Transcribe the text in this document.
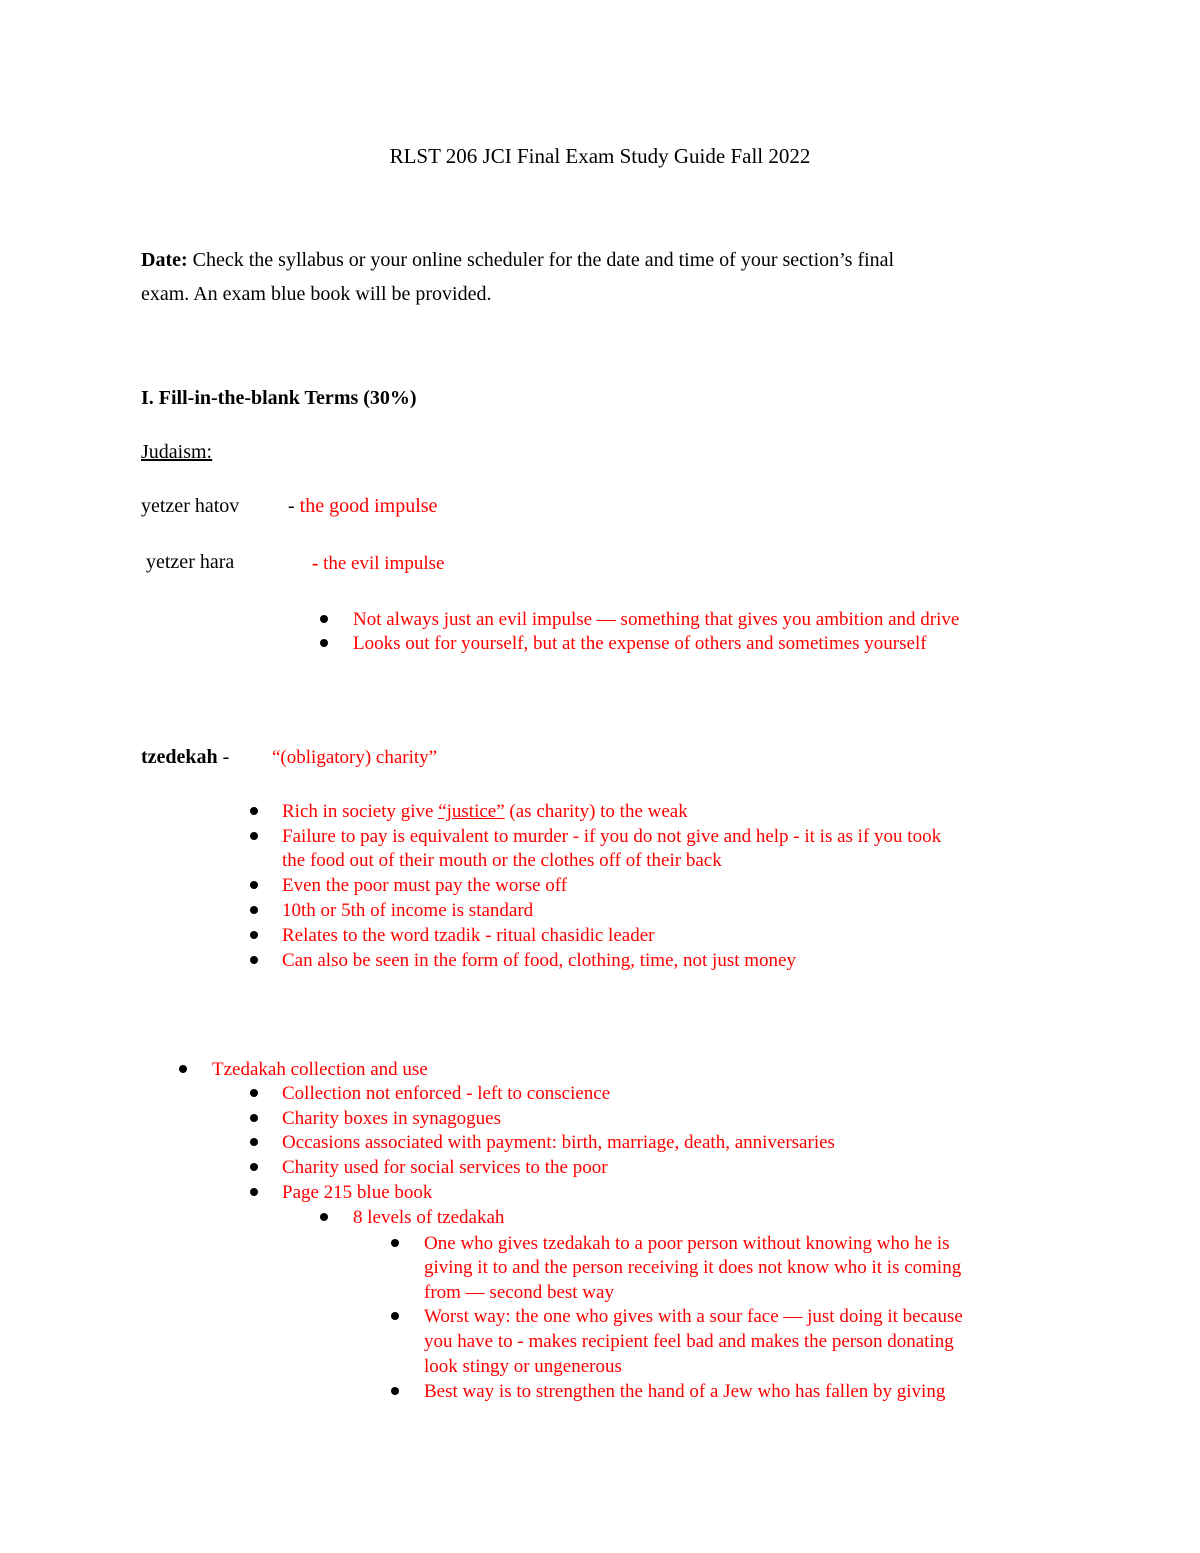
RLST 206 JCI Final Exam Study Guide Fall 2022
Date: Check the syllabus or your online scheduler for the date and time of your section’s final
exam. An exam blue book will be provided.
I. Fill-in-the-blank Terms (30%)
Judaism:
yetzer hatov - the good impulse
yetzer hara	- the evil impulse
Not always just an evil impulse — something that gives you ambition and drive
Looks out for yourself, but at the expense of others and sometimes yourself
tzedekah - “(obligatory) charity”
Rich in society give “justice” (as charity) to the weak
Failure to pay is equivalent to murder - if you do not give and help - it is as if you took
the food out of their mouth or the clothes off of their back
Even the poor must pay the worse off
10th or 5th of income is standard
Relates to the word tzadik - ritual chasidic leader
Can also be seen in the form of food, clothing, time, not just money
Tzedakah collection and use
Collection not enforced - left to conscience
Charity boxes in synagogues
Occasions associated with payment: birth, marriage, death, anniversaries
Charity used for social services to the poor
Page 215 blue book
8 levels of tzedakah
One who gives tzedakah to a poor person without knowing who he is
giving it to and the person receiving it does not know who it is coming
from — second best way
Worst way: the one who gives with a sour face — just doing it because
you have to - makes recipient feel bad and makes the person donating
look stingy or ungenerous
Best way is to strengthen the hand of a Jew who has fallen by giving
